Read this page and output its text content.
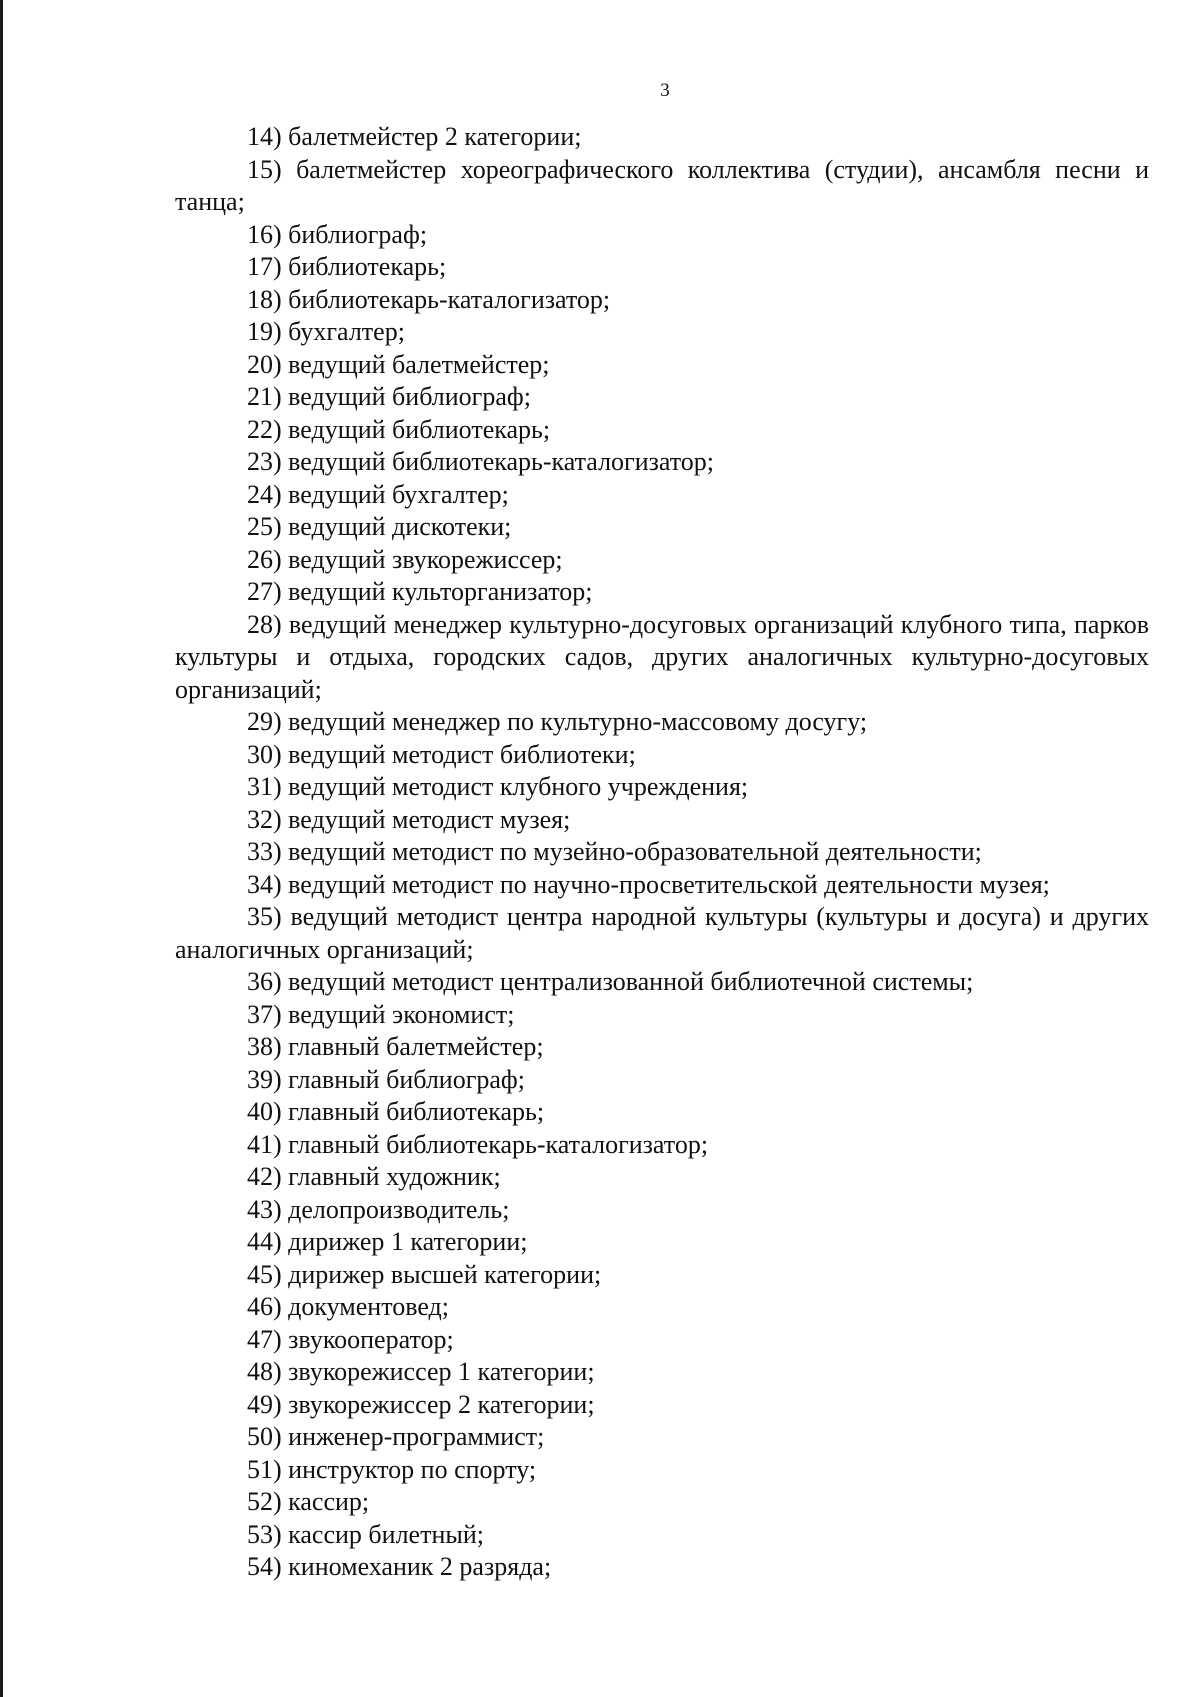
3

14) балетмейстер 2 категории;

15) балетмейстер хореографического коллектива (студии), ансамбля песни и танца;

16) библиограф;

17) библиотекарь;

18) библиотекарь-каталогизатор;

19) бухгалтер;

20) ведущий балетмейстер;

21) ведущий библиограф;

22) ведущий библиотекарь;

23) ведущий библиотекарь-каталогизатор;

24) ведущий бухгалтер;

25) ведущий дискотеки;

26) ведущий звукорежиссер;

27) ведущий культорганизатор;

28) ведущий менеджер культурно-досуговых организаций клубного типа, парков культуры и отдыха, городских садов, других аналогичных культурно-досуговых организаций;

29) ведущий менеджер по культурно-массовому досугу;

30) ведущий методист библиотеки;

31) ведущий методист клубного учреждения;

32) ведущий методист музея;

33) ведущий методист по музейно-образовательной деятельности;

34) ведущий методист по научно-просветительской деятельности музея;

35) ведущий методист центра народной культуры (культуры и досуга) и других аналогичных организаций;

36) ведущий методист централизованной библиотечной системы;

37) ведущий экономист;

38) главный балетмейстер;

39) главный библиограф;

40) главный библиотекарь;

41) главный библиотекарь-каталогизатор;

42) главный художник;

43) делопроизводитель;

44) дирижер 1 категории;

45) дирижер высшей категории;

46) документовед;

47) звукооператор;

48) звукорежиссер 1 категории;

49) звукорежиссер 2 категории;

50) инженер-программист;

51) инструктор по спорту;

52) кассир;

53) кассир билетный;

54) киномеханик 2 разряда;
